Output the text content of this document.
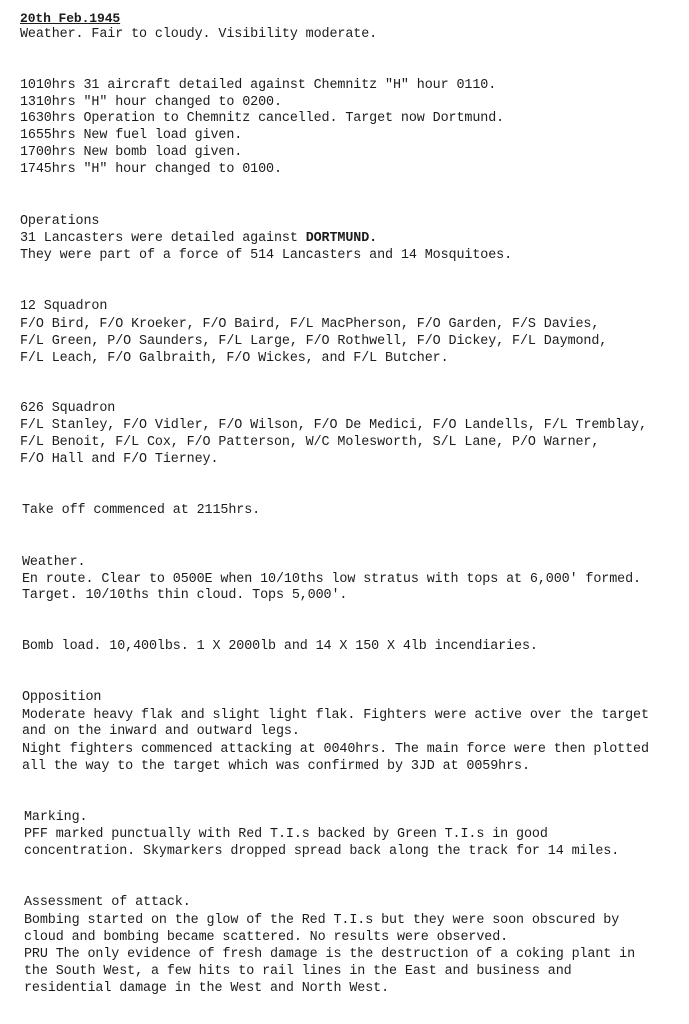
20th Feb.1945
Weather. Fair to cloudy. Visibility moderate.
1010hrs 31 aircraft detailed against Chemnitz "H" hour 0110.
1310hrs "H" hour changed to 0200.
1630hrs Operation to Chemnitz cancelled. Target now Dortmund.
1655hrs New fuel load given.
1700hrs New bomb load given.
1745hrs "H" hour changed to 0100.
Operations
31 Lancasters were detailed against DORTMUND.
They were part of a force of 514 Lancasters and 14 Mosquitoes.
12 Squadron
F/O Bird, F/O Kroeker, F/O Baird, F/L MacPherson, F/O Garden, F/S Davies,
F/L Green, P/O Saunders, F/L Large, F/O Rothwell, F/O Dickey, F/L Daymond,
F/L Leach, F/O Galbraith, F/O Wickes, and F/L Butcher.
626 Squadron
F/L Stanley, F/O Vidler, F/O Wilson, F/O De Medici, F/O Landells, F/L Tremblay,
F/L Benoit, F/L Cox, F/O Patterson, W/C Molesworth, S/L Lane, P/O Warner,
F/O Hall and F/O Tierney.
Take off commenced at 2115hrs.
Weather.
En route. Clear to 0500E when 10/10ths low stratus with tops at 6,000' formed.
Target. 10/10ths thin cloud. Tops 5,000'.
Bomb load. 10,400lbs. 1 X 2000lb and 14 X 150 X 4lb incendiaries.
Opposition
Moderate heavy flak and slight light flak. Fighters were active over the target
and on the inward and outward legs.
Night fighters commenced attacking at 0040hrs. The main force were then plotted
all the way to the target which was confirmed by 3JD at 0059hrs.
Marking.
PFF marked punctually with Red T.I.s backed by Green T.I.s in good
concentration. Skymarkers dropped spread back along the track for 14 miles.
Assessment of attack.
Bombing started on the glow of the Red T.I.s but they were soon obscured by
cloud and bombing became scattered. No results were observed.
PRU The only evidence of fresh damage is the destruction of a coking plant in
the South West, a few hits to rail lines in the East and business and
residential damage in the West and North West.
